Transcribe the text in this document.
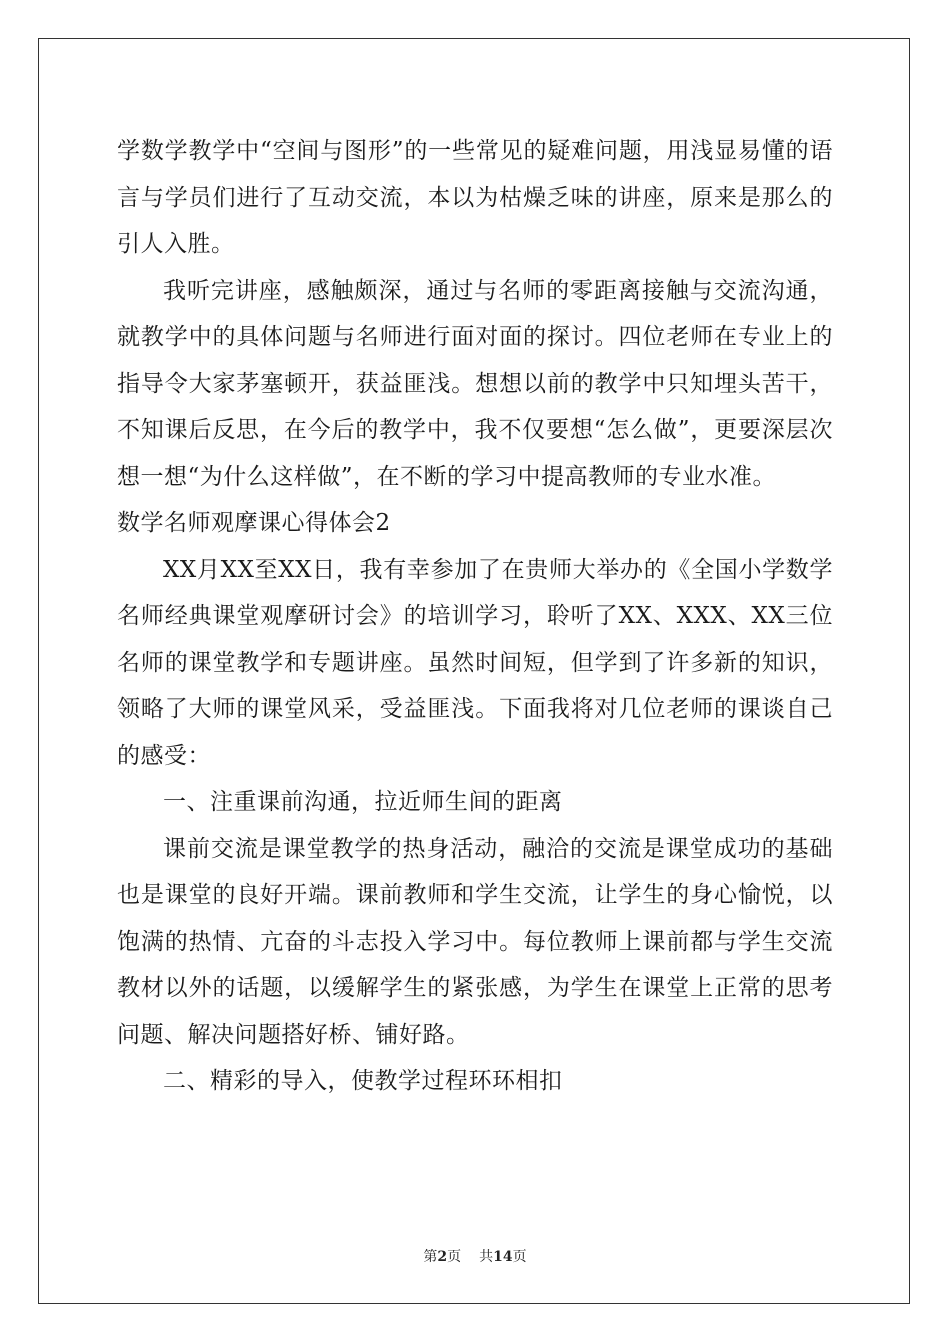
学数学教学中“空间与图形”的一些常见的疑难问题，用浅显易懂的语言与学员们进行了互动交流，本以为枯燥乏味的讲座，原来是那么的引人入胜。

我听完讲座，感触颇深，通过与名师的零距离接触与交流沟通，就教学中的具体问题与名师进行面对面的探讨。四位老师在专业上的指导令大家茅塞顿开，获益匪浅。想想以前的教学中只知埋头苦干，不知课后反思，在今后的教学中，我不仅要想“怎么做”，更要深层次想一想“为什么这样做”，在不断的学习中提高教师的专业水准。

数学名师观摩课心得体会2

XX月XX至XX日，我有幸参加了在贵师大举办的《全国小学数学名师经典课堂观摩研讨会》的培训学习，聆听了XX、XXX、XX三位名师的课堂教学和专题讲座。虽然时间短，但学到了许多新的知识，领略了大师的课堂风采，受益匪浅。下面我将对几位老师的课谈自己的感受：

一、注重课前沟通，拉近师生间的距离

课前交流是课堂教学的热身活动，融洽的交流是课堂成功的基础也是课堂的良好开端。课前教师和学生交流，让学生的身心愉悦，以饱满的热情、亢奋的斗志投入学习中。每位教师上课前都与学生交流教材以外的话题，以缓解学生的紧张感，为学生在课堂上正常的思考问题、解决问题搭好桥、铺好路。

二、精彩的导入，使教学过程环环相扣

第2页 共14页
